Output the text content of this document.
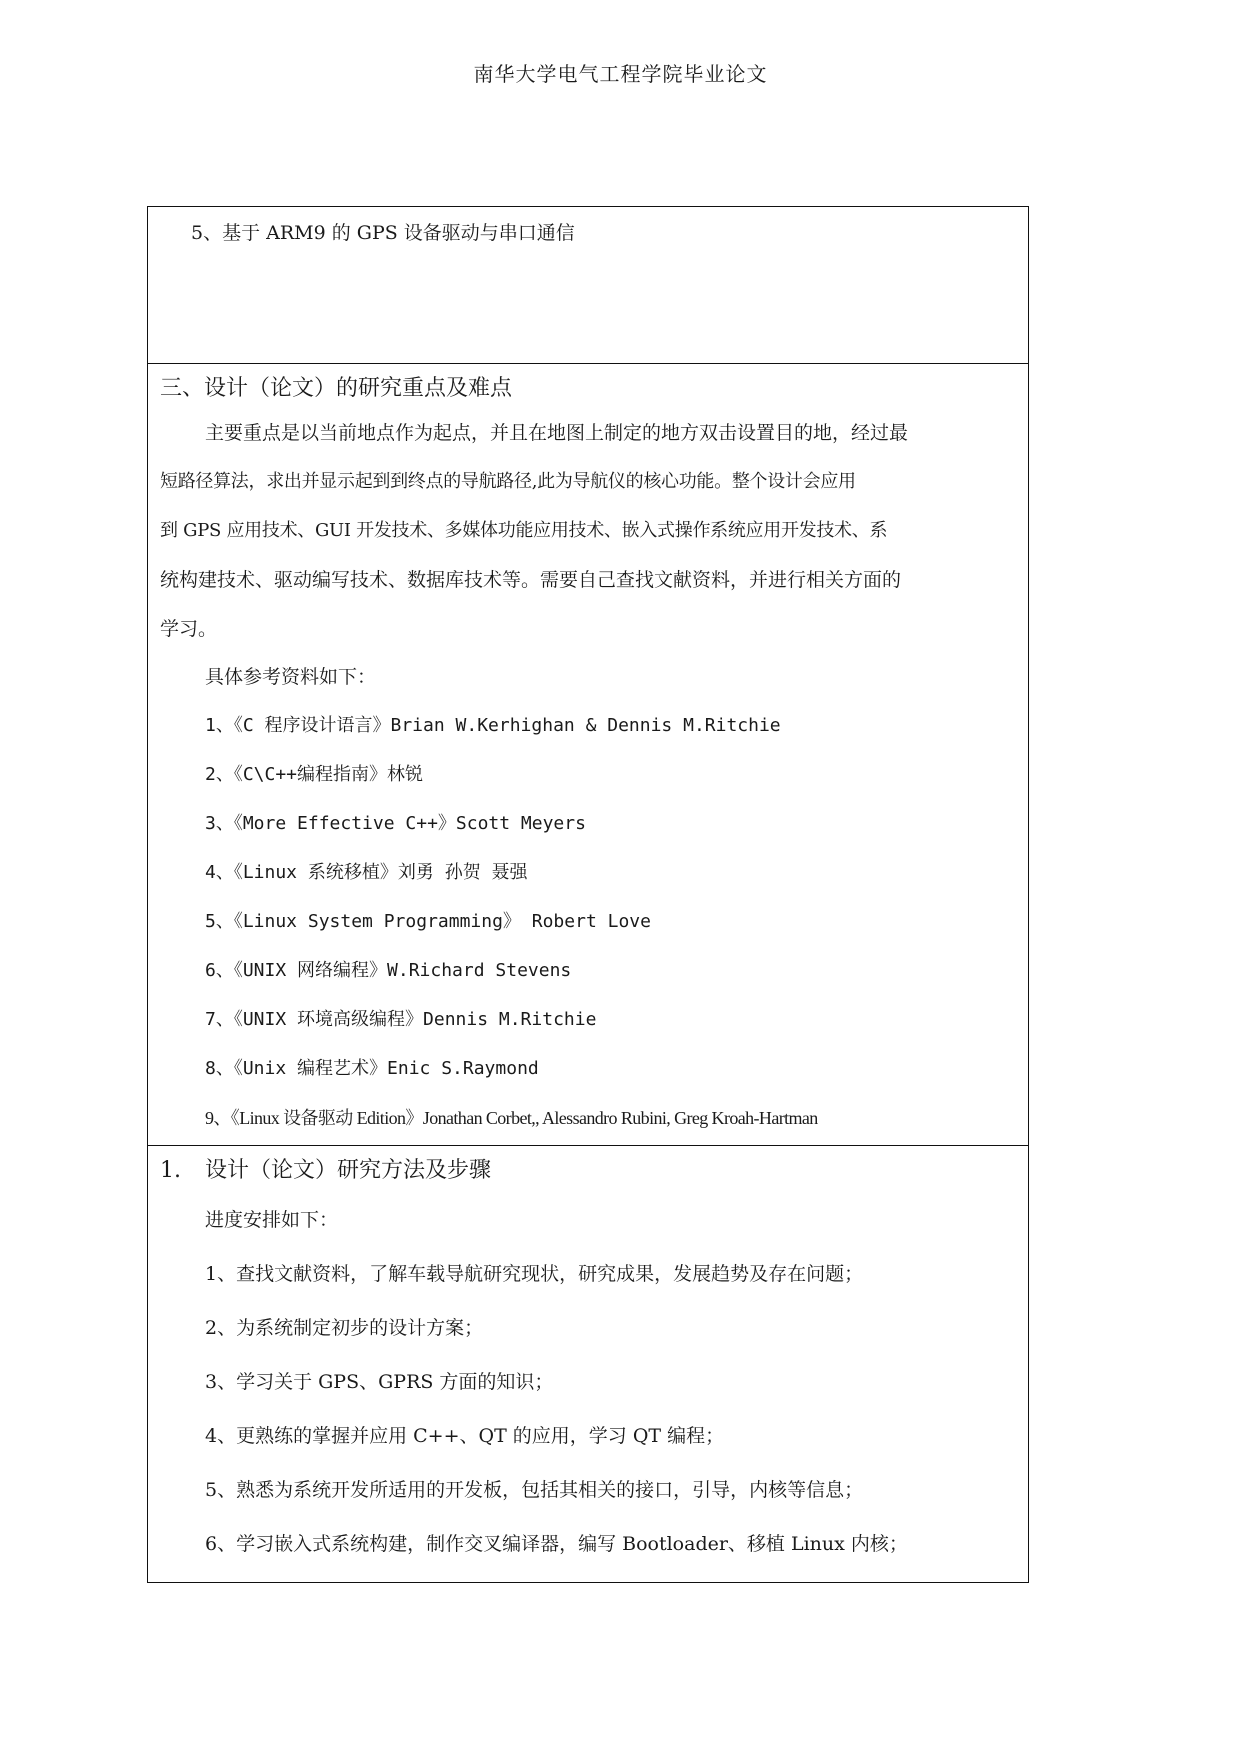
南华大学电气工程学院毕业论文
5、基于 ARM9 的 GPS 设备驱动与串口通信
三、设计（论文）的研究重点及难点
主要重点是以当前地点作为起点，并且在地图上制定的地方双击设置目的地，经过最
短路径算法，求出并显示起到到终点的导航路径,此为导航仪的核心功能。整个设计会应用
到 GPS 应用技术、GUI 开发技术、多媒体功能应用技术、嵌入式操作系统应用开发技术、系
统构建技术、驱动编写技术、数据库技术等。需要自己查找文献资料，并进行相关方面的
学习。
具体参考资料如下：
1、《C 程序设计语言》Brian W.Kerhighan & Dennis M.Ritchie
2、《C\C++编程指南》林锐
3、《More Effective C++》Scott Meyers
4、《Linux 系统移植》刘勇 孙贺 聂强
5、《Linux System Programming》 Robert Love
6、《UNIX 网络编程》W.Richard Stevens
7、《UNIX 环境高级编程》Dennis M.Ritchie
8、《Unix 编程艺术》Enic S.Raymond
9、《Linux 设备驱动 Edition》Jonathan Corbet,, Alessandro Rubini, Greg Kroah-Hartman
1. 设计（论文）研究方法及步骤
进度安排如下：
1、查找文献资料，了解车载导航研究现状，研究成果，发展趋势及存在问题；
2、为系统制定初步的设计方案；
3、学习关于 GPS、GPRS 方面的知识；
4、更熟练的掌握并应用 C++、QT 的应用，学习 QT 编程；
5、熟悉为系统开发所适用的开发板，包括其相关的接口，引导，内核等信息；
6、学习嵌入式系统构建，制作交叉编译器，编写 Bootloader、移植 Linux 内核；
